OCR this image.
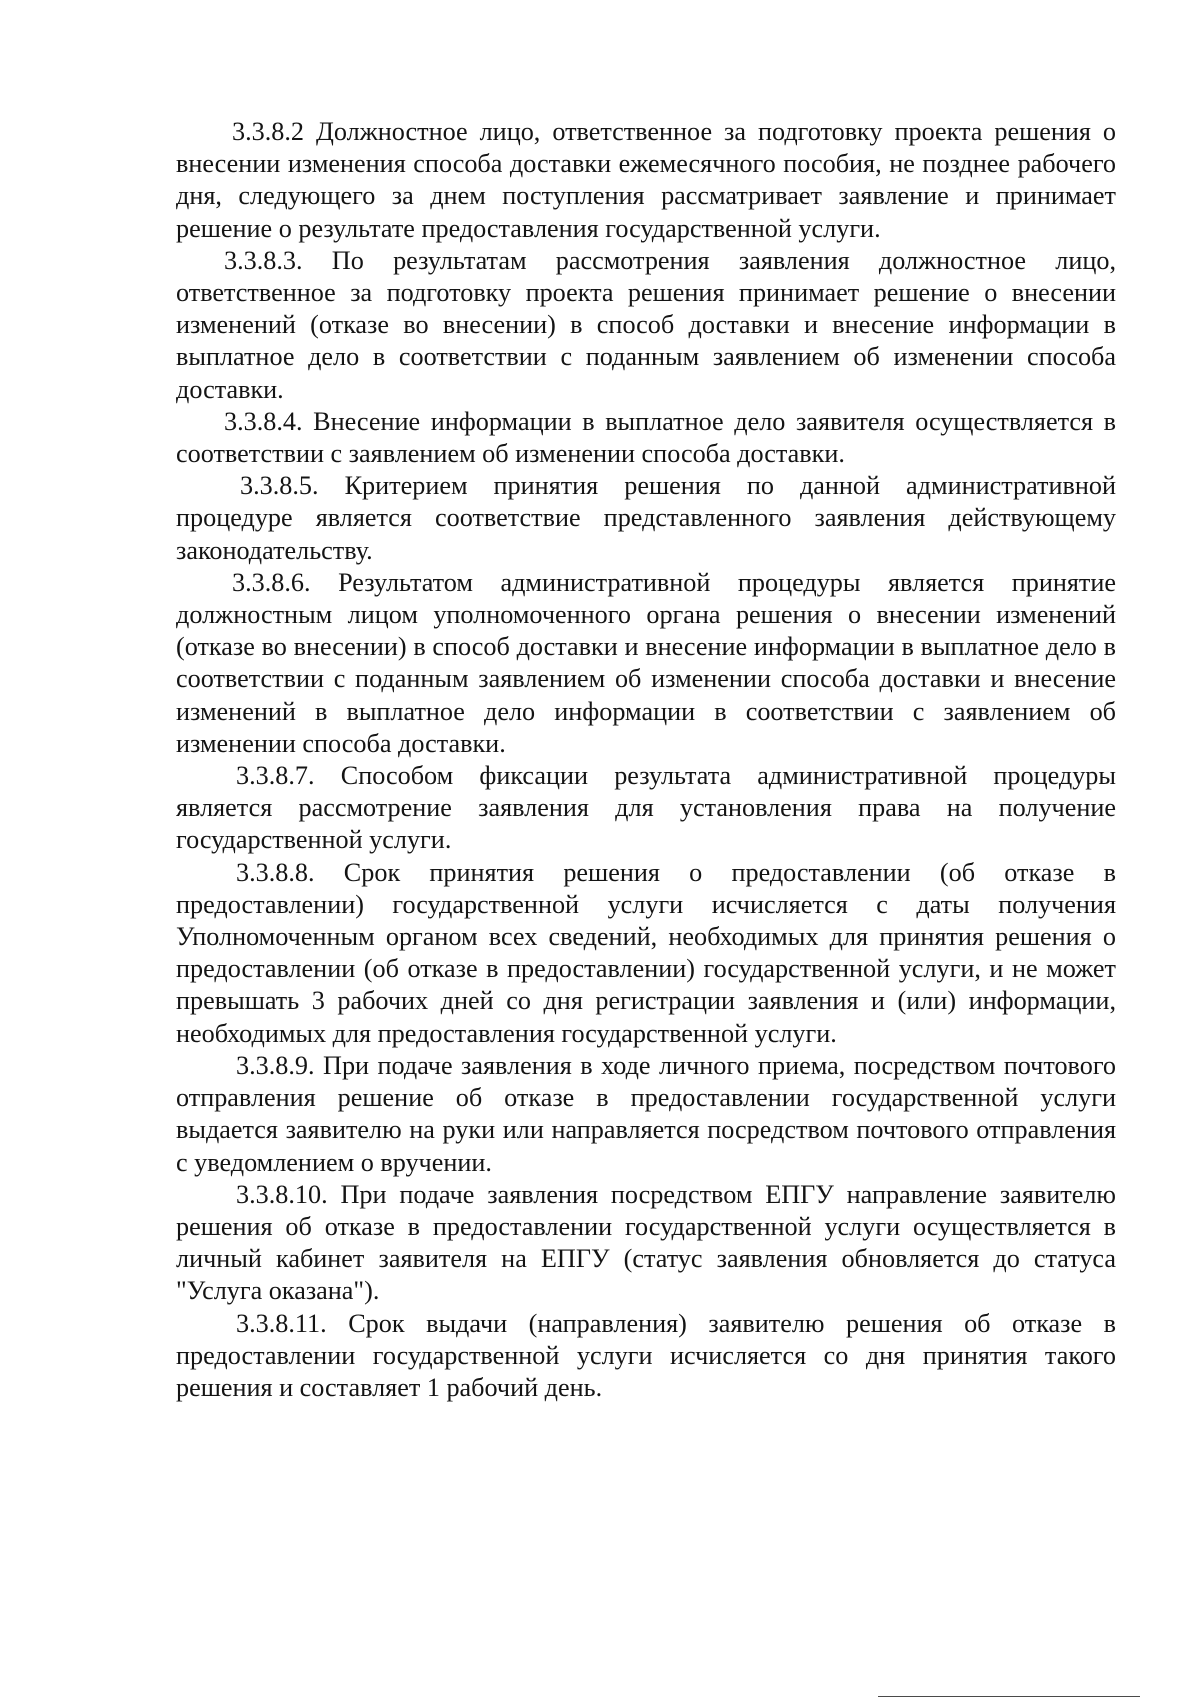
3.3.8.2 Должностное лицо, ответственное за подготовку проекта решения о внесении изменения способа доставки ежемесячного пособия, не позднее рабочего дня, следующего за днем поступления рассматривает заявление и принимает решение о результате предоставления государственной услуги.

3.3.8.3. По результатам рассмотрения заявления должностное лицо, ответственное за подготовку проекта решения принимает решение о внесении изменений (отказе во внесении) в способ доставки и внесение информации в выплатное дело в соответствии с поданным заявлением об изменении способа доставки.

3.3.8.4. Внесение информации в выплатное дело заявителя осуществляется в соответствии с заявлением об изменении способа доставки.

3.3.8.5. Критерием принятия решения по данной административной процедуре является соответствие представленного заявления действующему законодательству.

3.3.8.6. Результатом административной процедуры является принятие должностным лицом уполномоченного органа решения о внесении изменений (отказе во внесении) в способ доставки и внесение информации в выплатное дело в соответствии с поданным заявлением об изменении способа доставки и внесение изменений в выплатное дело информации в соответствии с заявлением об изменении способа доставки.

3.3.8.7. Способом фиксации результата административной процедуры является рассмотрение заявления для установления права на получение государственной услуги.

3.3.8.8. Срок принятия решения о предоставлении (об отказе в предоставлении) государственной услуги исчисляется с даты получения Уполномоченным органом всех сведений, необходимых для принятия решения о предоставлении (об отказе в предоставлении) государственной услуги, и не может превышать 3 рабочих дней со дня регистрации заявления и (или) информации, необходимых для предоставления государственной услуги.

3.3.8.9. При подаче заявления в ходе личного приема, посредством почтового отправления решение об отказе в предоставлении государственной услуги выдается заявителю на руки или направляется посредством почтового отправления с уведомлением о вручении.

3.3.8.10. При подаче заявления посредством ЕПГУ направление заявителю решения об отказе в предоставлении государственной услуги осуществляется в личный кабинет заявителя на ЕПГУ (статус заявления обновляется до статуса "Услуга оказана").

3.3.8.11. Срок выдачи (направления) заявителю решения об отказе в предоставлении государственной услуги исчисляется со дня принятия такого решения и составляет 1 рабочий день.
